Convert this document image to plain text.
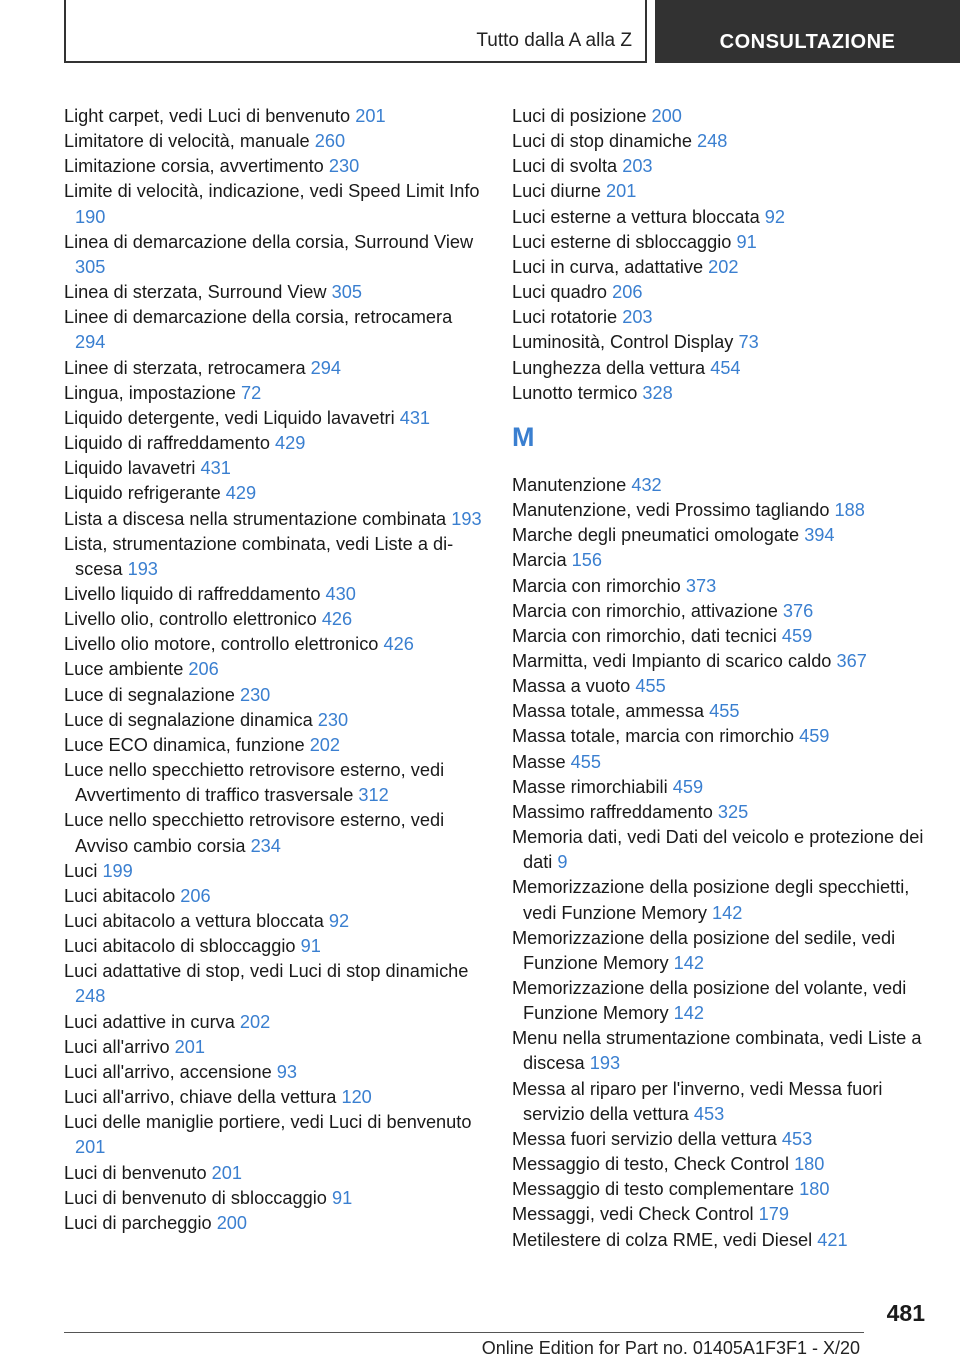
Tutto dalla A alla Z	CONSULTAZIONE
Light carpet, vedi Luci di benvenuto 201
Limitatore di velocità, manuale 260
Limitazione corsia, avvertimento 230
Limite di velocità, indicazione, vedi Speed Limit Info 190
Linea di demarcazione della corsia, Surround View 305
Linea di sterzata, Surround View 305
Linee di demarcazione della corsia, retrocamera 294
Linee di sterzata, retrocamera 294
Lingua, impostazione 72
Liquido detergente, vedi Liquido lavavetri 431
Liquido di raffreddamento 429
Liquido lavavetri 431
Liquido refrigerante 429
Lista a discesa nella strumentazione combinata 193
Lista, strumentazione combinata, vedi Liste a discesa 193
Livello liquido di raffreddamento 430
Livello olio, controllo elettronico 426
Livello olio motore, controllo elettronico 426
Luce ambiente 206
Luce di segnalazione 230
Luce di segnalazione dinamica 230
Luce ECO dinamica, funzione 202
Luce nello specchietto retrovisore esterno, vedi Avvertimento di traffico trasversale 312
Luce nello specchietto retrovisore esterno, vedi Avviso cambio corsia 234
Luci 199
Luci abitacolo 206
Luci abitacolo a vettura bloccata 92
Luci abitacolo di sbloccaggio 91
Luci adattative di stop, vedi Luci di stop dinamiche 248
Luci adattive in curva 202
Luci all'arrivo 201
Luci all'arrivo, accensione 93
Luci all'arrivo, chiave della vettura 120
Luci delle maniglie portiere, vedi Luci di benvenuto 201
Luci di benvenuto 201
Luci di benvenuto di sbloccaggio 91
Luci di parcheggio 200
Luci di posizione 200
Luci di stop dinamiche 248
Luci di svolta 203
Luci diurne 201
Luci esterne a vettura bloccata 92
Luci esterne di sbloccaggio 91
Luci in curva, adattative 202
Luci quadro 206
Luci rotatorie 203
Luminosità, Control Display 73
Lunghezza della vettura 454
Lunotto termico 328
M
Manutenzione 432
Manutenzione, vedi Prossimo tagliando 188
Marche degli pneumatici omologate 394
Marcia 156
Marcia con rimorchio 373
Marcia con rimorchio, attivazione 376
Marcia con rimorchio, dati tecnici 459
Marmitta, vedi Impianto di scarico caldo 367
Massa a vuoto 455
Massa totale, ammessa 455
Massa totale, marcia con rimorchio 459
Masse 455
Masse rimorchiabili 459
Massimo raffreddamento 325
Memoria dati, vedi Dati del veicolo e protezione dei dati 9
Memorizzazione della posizione degli specchietti, vedi Funzione Memory 142
Memorizzazione della posizione del sedile, vedi Funzione Memory 142
Memorizzazione della posizione del volante, vedi Funzione Memory 142
Menu nella strumentazione combinata, vedi Liste a discesa 193
Messa al riparo per l'inverno, vedi Messa fuori servizio della vettura 453
Messa fuori servizio della vettura 453
Messaggio di testo, Check Control 180
Messaggio di testo complementare 180
Messaggi, vedi Check Control 179
Metilestere di colza RME, vedi Diesel 421
481
Online Edition for Part no. 01405A1F3F1 - X/20
